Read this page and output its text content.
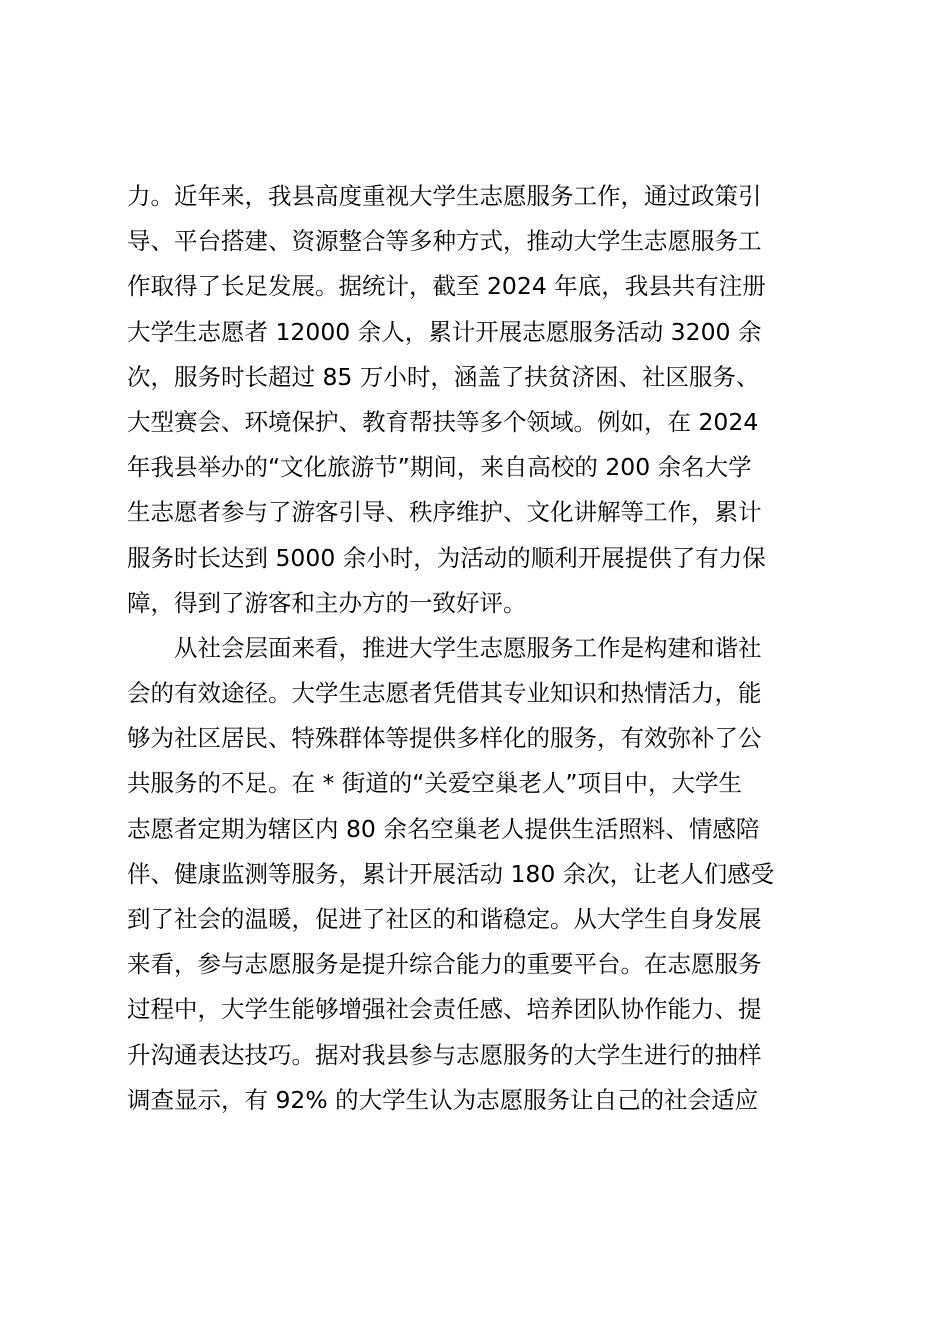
力。近年来，我县高度重视大学生志愿服务工作，通过政策引
导、平台搭建、资源整合等多种方式，推动大学生志愿服务工
作取得了长足发展。据统计，截至 2024 年底，我县共有注册
大学生志愿者 12000 余人，累计开展志愿服务活动 3200 余
次，服务时长超过 85 万小时，涵盖了扶贫济困、社区服务、
大型赛会、环境保护、教育帮扶等多个领域。例如，在 2024
年我县举办的“文化旅游节”期间，来自高校的 200 余名大学
生志愿者参与了游客引导、秩序维护、文化讲解等工作，累计
服务时长达到 5000 余小时，为活动的顺利开展提供了有力保
障，得到了游客和主办方的一致好评。
从社会层面来看，推进大学生志愿服务工作是构建和谐社
会的有效途径。大学生志愿者凭借其专业知识和热情活力，能
够为社区居民、特殊群体等提供多样化的服务，有效弥补了公
共服务的不足。在 * 街道的“关爱空巢老人”项目中，大学生
志愿者定期为辖区内 80 余名空巢老人提供生活照料、情感陪
伴、健康监测等服务，累计开展活动 180 余次，让老人们感受
到了社会的温暖，促进了社区的和谐稳定。从大学生自身发展
来看，参与志愿服务是提升综合能力的重要平台。在志愿服务
过程中，大学生能够增强社会责任感、培养团队协作能力、提
升沟通表达技巧。据对我县参与志愿服务的大学生进行的抽样
调查显示，有 92% 的大学生认为志愿服务让自己的社会适应
